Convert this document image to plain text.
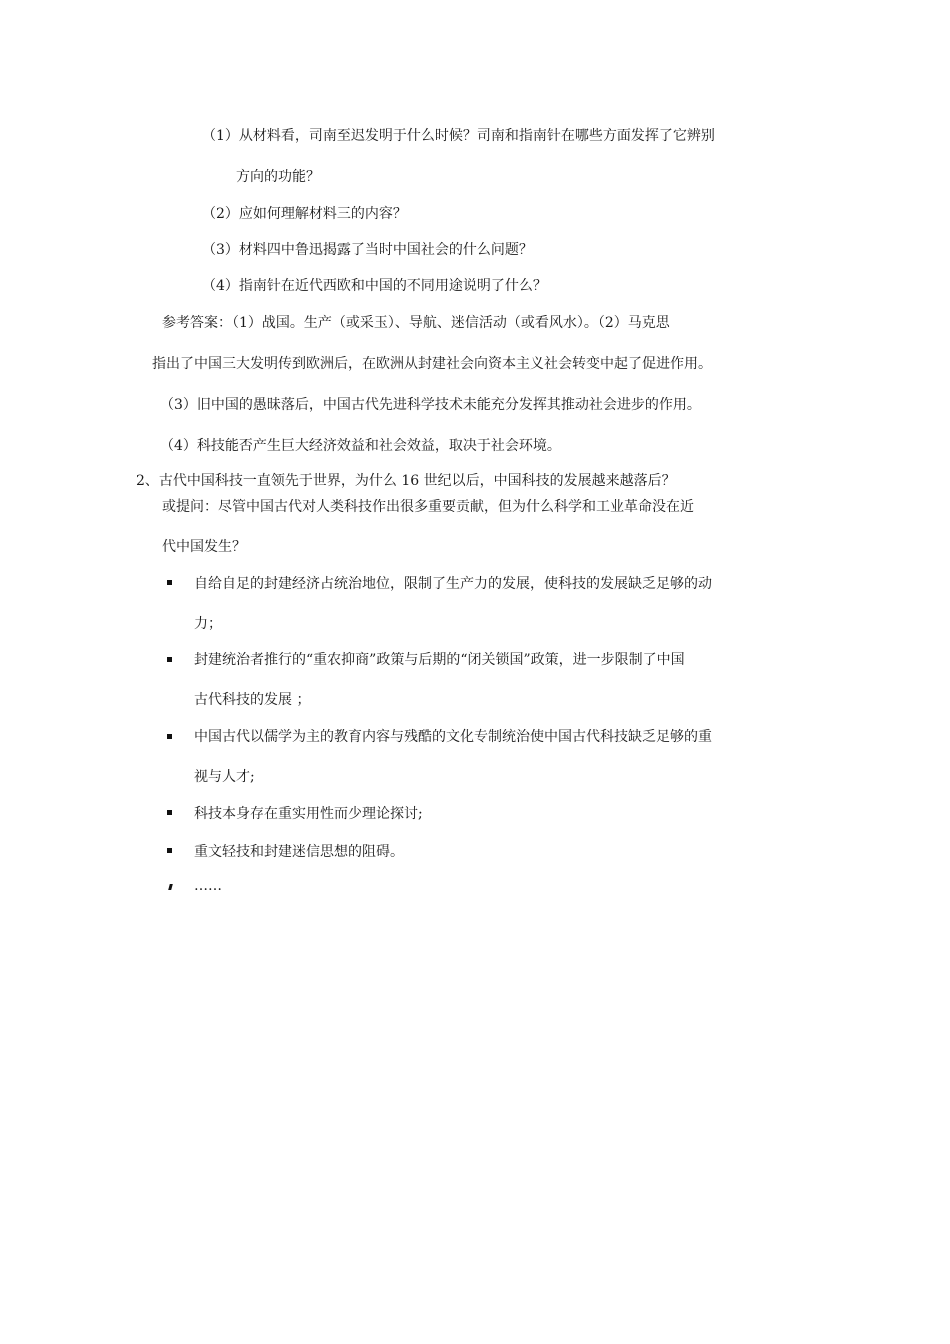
（1）从材料看，司南至迟发明于什么时候？司南和指南针在哪些方面发挥了它辨别
方向的功能？
（2）应如何理解材料三的内容？
（3）材料四中鲁迅揭露了当时中国社会的什么问题？
（4）指南针在近代西欧和中国的不同用途说明了什么？
参考答案：（1）战国。生产（或采玉）、导航、迷信活动（或看风水）。（2）马克思
指出了中国三大发明传到欧洲后，在欧洲从封建社会向资本主义社会转变中起了促进作用。
（3）旧中国的愚昧落后，中国古代先进科学技术未能充分发挥其推动社会进步的作用。
（4）科技能否产生巨大经济效益和社会效益，取决于社会环境。
2、古代中国科技一直领先于世界，为什么 16 世纪以后，中国科技的发展越来越落后？
或提问：尽管中国古代对人类科技作出很多重要贡献，但为什么科学和工业革命没在近
代中国发生？
自给自足的封建经济占统治地位，限制了生产力的发展，使科技的发展缺乏足够的动
力；
封建统治者推行的“重农抑商”政策与后期的“闭关锁国”政策，进一步限制了中国
古代科技的发展 ；
中国古代以儒学为主的教育内容与残酷的文化专制统治使中国古代科技缺乏足够的重
视与人才;
科技本身存在重实用性而少理论探讨;
重文轻技和封建迷信思想的阻碍。
……
